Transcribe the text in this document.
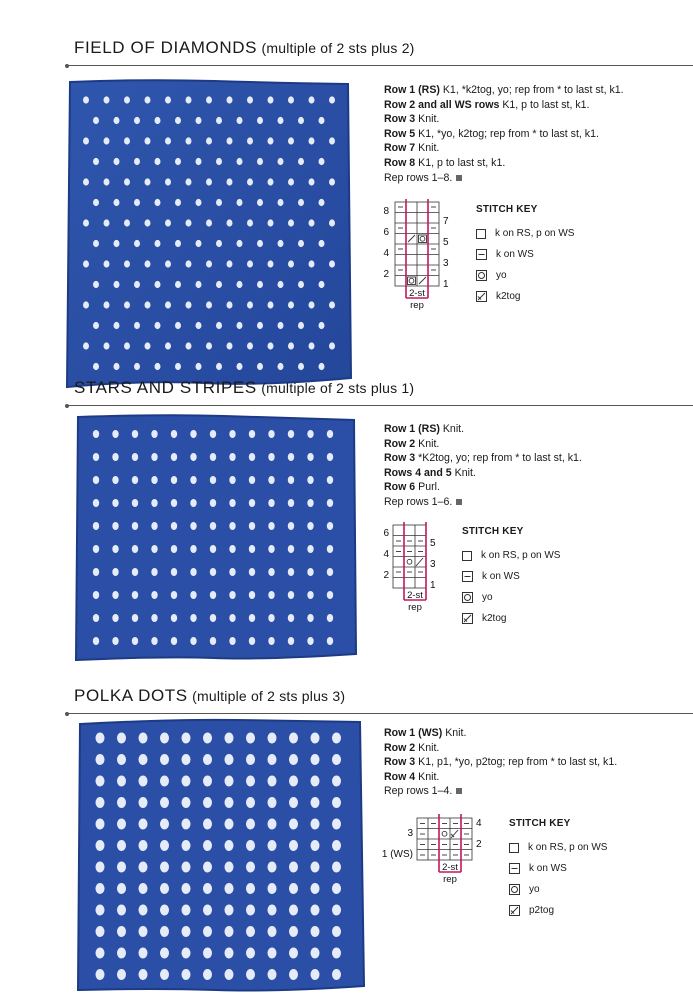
FIELD OF DIAMONDS (multiple of 2 sts plus 2)
Row 1 (RS) K1, *k2tog, yo; rep from * to last st, k1.
Row 2 and all WS rows K1, p to last st, k1.
Row 3 Knit.
Row 5 K1, *yo, k2tog; rep from * to last st, k1.
Row 7 Knit.
Row 8 K1, p to last st, k1.
Rep rows 1–8.
8
6
4
2
7
5
3
1
2-st
rep
STITCH KEY
k on RS, p on WS
k on WS
yo
k2tog
STARS AND STRIPES (multiple of 2 sts plus 1)
Row 1 (RS) Knit.
Row 2 Knit.
Row 3 *K2tog, yo; rep from * to last st, k1.
Rows 4 and 5 Knit.
Row 6 Purl.
Rep rows 1–6.
6
4
2
5
3
1
2-st
rep
STITCH KEY
k on RS, p on WS
k on WS
yo
k2tog
POLKA DOTS (multiple of 2 sts plus 3)
Row 1 (WS) Knit.
Row 2 Knit.
Row 3 K1, p1, *yo, p2tog; rep from * to last st, k1.
Row 4 Knit.
Rep rows 1–4.
3
1 (WS)
4
2
2-st
rep
STITCH KEY
k on RS, p on WS
k on WS
yo
p2tog
